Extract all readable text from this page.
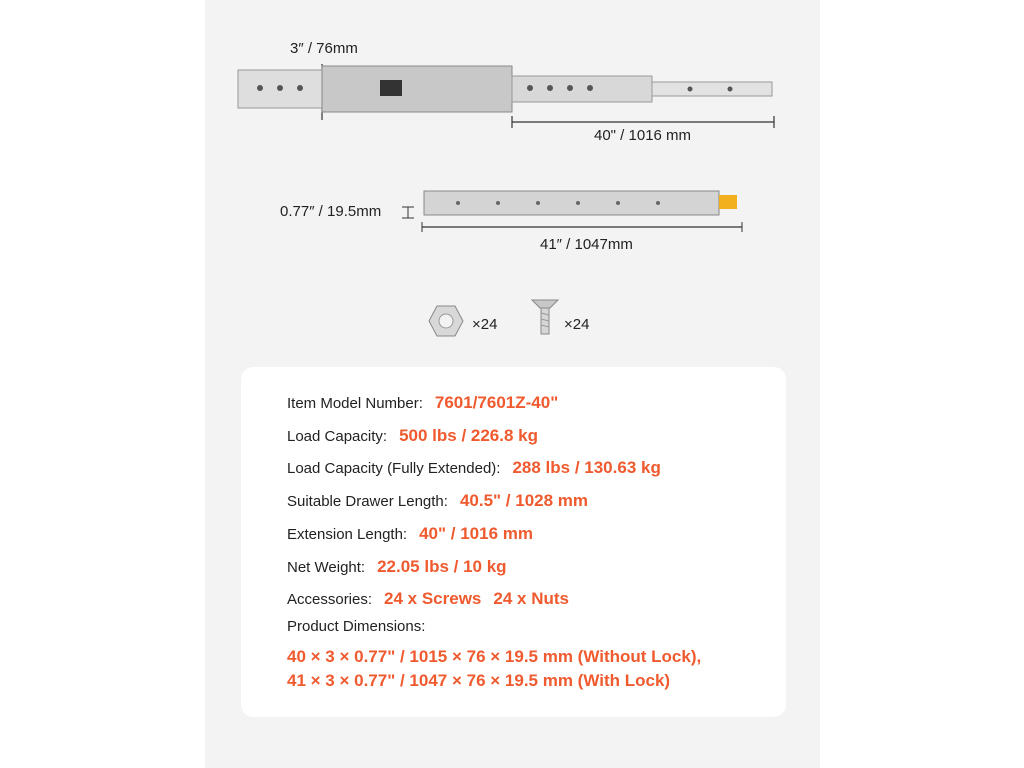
3″ / 76mm
40" / 1016 mm
0.77″ / 19.5mm
41″ / 1047mm
×24	×24
Item Model Number: 7601/7601Z-40"
Load Capacity: 500 lbs / 226.8 kg
Load Capacity (Fully Extended): 288 lbs / 130.63 kg
Suitable Drawer Length: 40.5" / 1028 mm
Extension Length: 40" / 1016 mm
Net Weight: 22.05 lbs / 10 kg
Accessories: 24 x Screws 24 x Nuts
Product Dimensions:
40 × 3 × 0.77" / 1015 × 76 × 19.5 mm (Without Lock),
41 × 3 × 0.77" / 1047 × 76 × 19.5 mm (With Lock)
